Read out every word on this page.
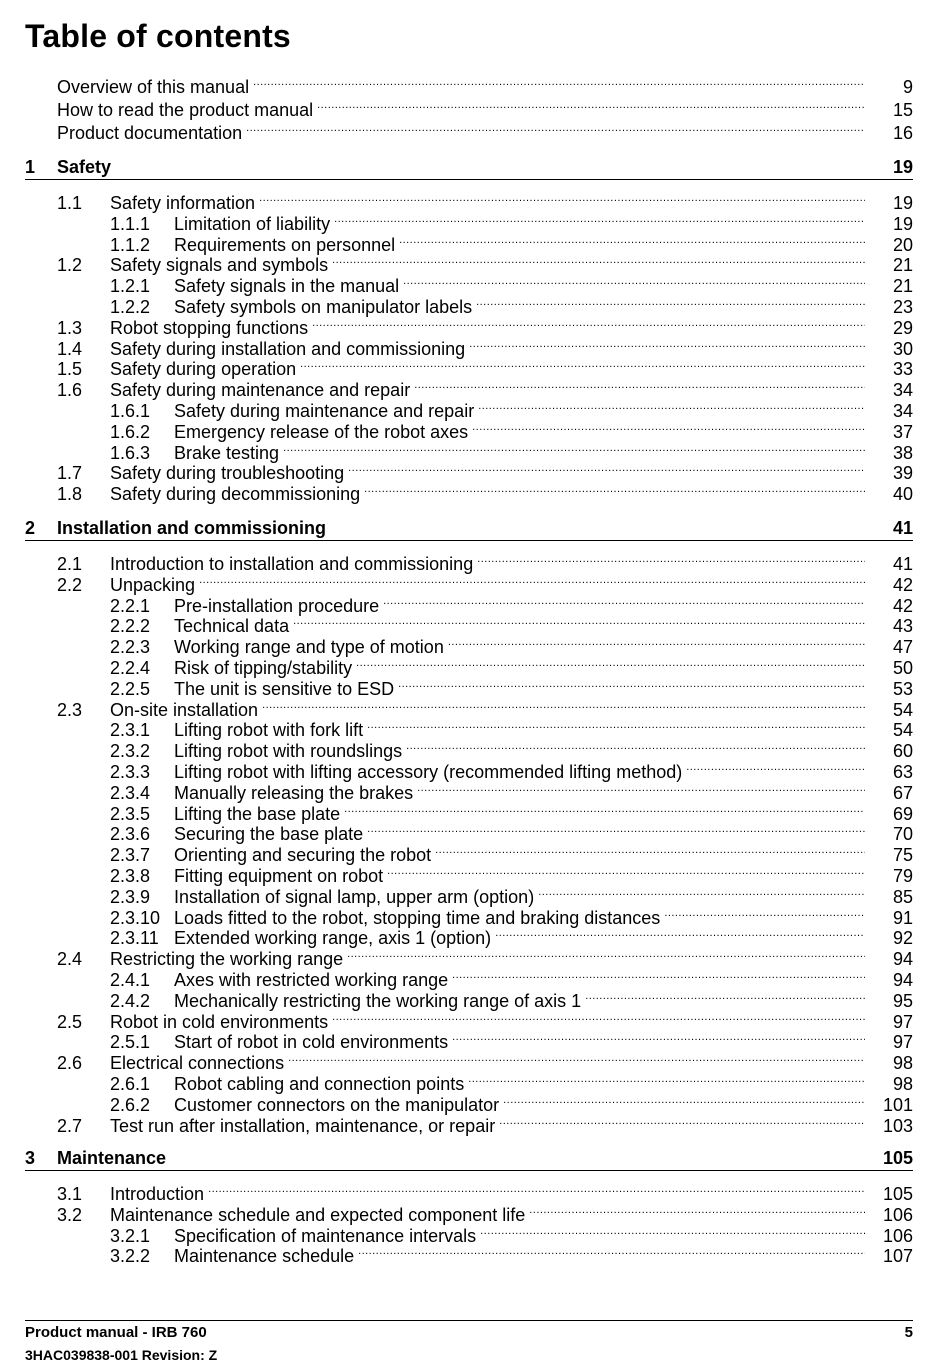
Table of contents
Overview of this manual . . .	9
How to read the product manual . . .	15
Product documentation . . .	16
1	Safety	19
1.1	Safety information . . .	19
1.1.1	Limitation of liability . . .	19
1.1.2	Requirements on personnel . . .	20
1.2	Safety signals and symbols . . .	21
1.2.1	Safety signals in the manual . . .	21
1.2.2	Safety symbols on manipulator labels . . .	23
1.3	Robot stopping functions . . .	29
1.4	Safety during installation and commissioning . . .	30
1.5	Safety during operation . . .	33
1.6	Safety during maintenance and repair . . .	34
1.6.1	Safety during maintenance and repair . . .	34
1.6.2	Emergency release of the robot axes . . .	37
1.6.3	Brake testing . . .	38
1.7	Safety during troubleshooting . . .	39
1.8	Safety during decommissioning . . .	40
2	Installation and commissioning	41
2.1	Introduction to installation and commissioning . . .	41
2.2	Unpacking . . .	42
2.2.1	Pre-installation procedure . . .	42
2.2.2	Technical data . . .	43
2.2.3	Working range and type of motion . . .	47
2.2.4	Risk of tipping/stability . . .	50
2.2.5	The unit is sensitive to ESD . . .	53
2.3	On-site installation . . .	54
2.3.1	Lifting robot with fork lift . . .	54
2.3.2	Lifting robot with roundslings . . .	60
2.3.3	Lifting robot with lifting accessory (recommended lifting method) . . .	63
2.3.4	Manually releasing the brakes . . .	67
2.3.5	Lifting the base plate . . .	69
2.3.6	Securing the base plate . . .	70
2.3.7	Orienting and securing the robot . . .	75
2.3.8	Fitting equipment on robot . . .	79
2.3.9	Installation of signal lamp, upper arm (option) . . .	85
2.3.10 Loads fitted to the robot, stopping time and braking distances . . .	91
2.3.11 Extended working range, axis 1 (option) . . .	92
2.4	Restricting the working range . . .	94
2.4.1	Axes with restricted working range . . .	94
2.4.2	Mechanically restricting the working range of axis 1 . . .	95
2.5	Robot in cold environments . . .	97
2.5.1	Start of robot in cold environments . . .	97
2.6	Electrical connections . . .	98
2.6.1	Robot cabling and connection points . . .	98
2.6.2	Customer connectors on the manipulator . . .	101
2.7	Test run after installation, maintenance, or repair . . .	103
3	Maintenance	105
3.1	Introduction . . .	105
3.2	Maintenance schedule and expected component life . . .	106
3.2.1	Specification of maintenance intervals . . .	106
3.2.2	Maintenance schedule . . .	107
Product manual - IRB 760
3HAC039838-001 Revision: Z
5
